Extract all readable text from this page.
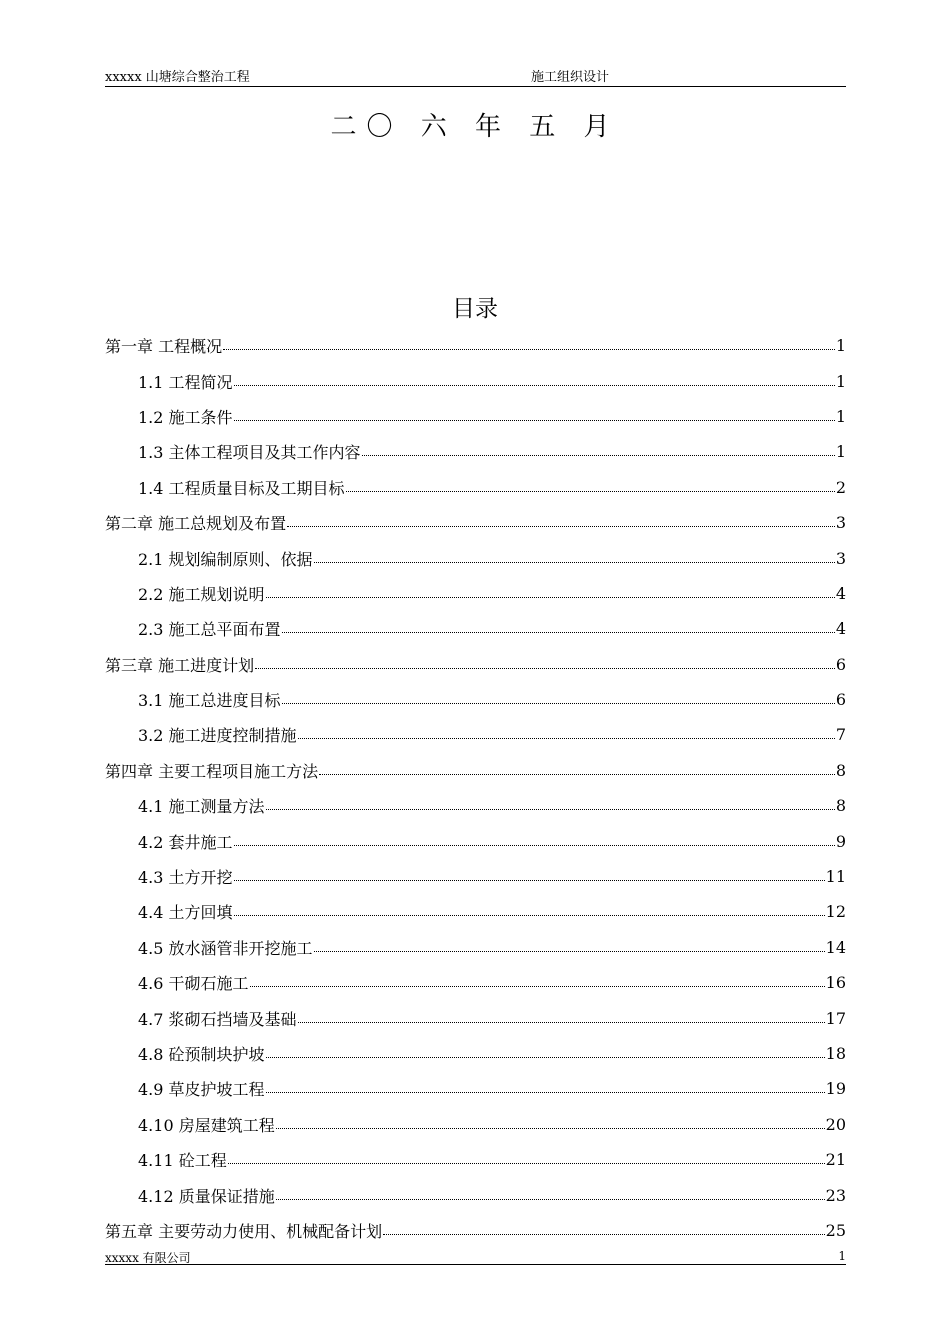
xxxxx 山塘综合整治工程	施工组织设计
二〇 六 年 五 月
目录
第一章 工程概况	1
1.1 工程简况	1
1.2 施工条件	1
1.3 主体工程项目及其工作内容	1
1.4 工程质量目标及工期目标	2
第二章 施工总规划及布置	3
2.1 规划编制原则、依据	3
2.2 施工规划说明	4
2.3 施工总平面布置	4
第三章 施工进度计划	6
3.1 施工总进度目标	6
3.2 施工进度控制措施	7
第四章 主要工程项目施工方法	8
4.1 施工测量方法	8
4.2 套井施工	9
4.3 土方开挖	11
4.4 土方回填	12
4.5 放水涵管非开挖施工	14
4.6 干砌石施工	16
4.7 浆砌石挡墙及基础	17
4.8 砼预制块护坡	18
4.9 草皮护坡工程	19
4.10 房屋建筑工程	20
4.11 砼工程	21
4.12 质量保证措施	23
第五章 主要劳动力使用、机械配备计划	25
xxxxx 有限公司	1
